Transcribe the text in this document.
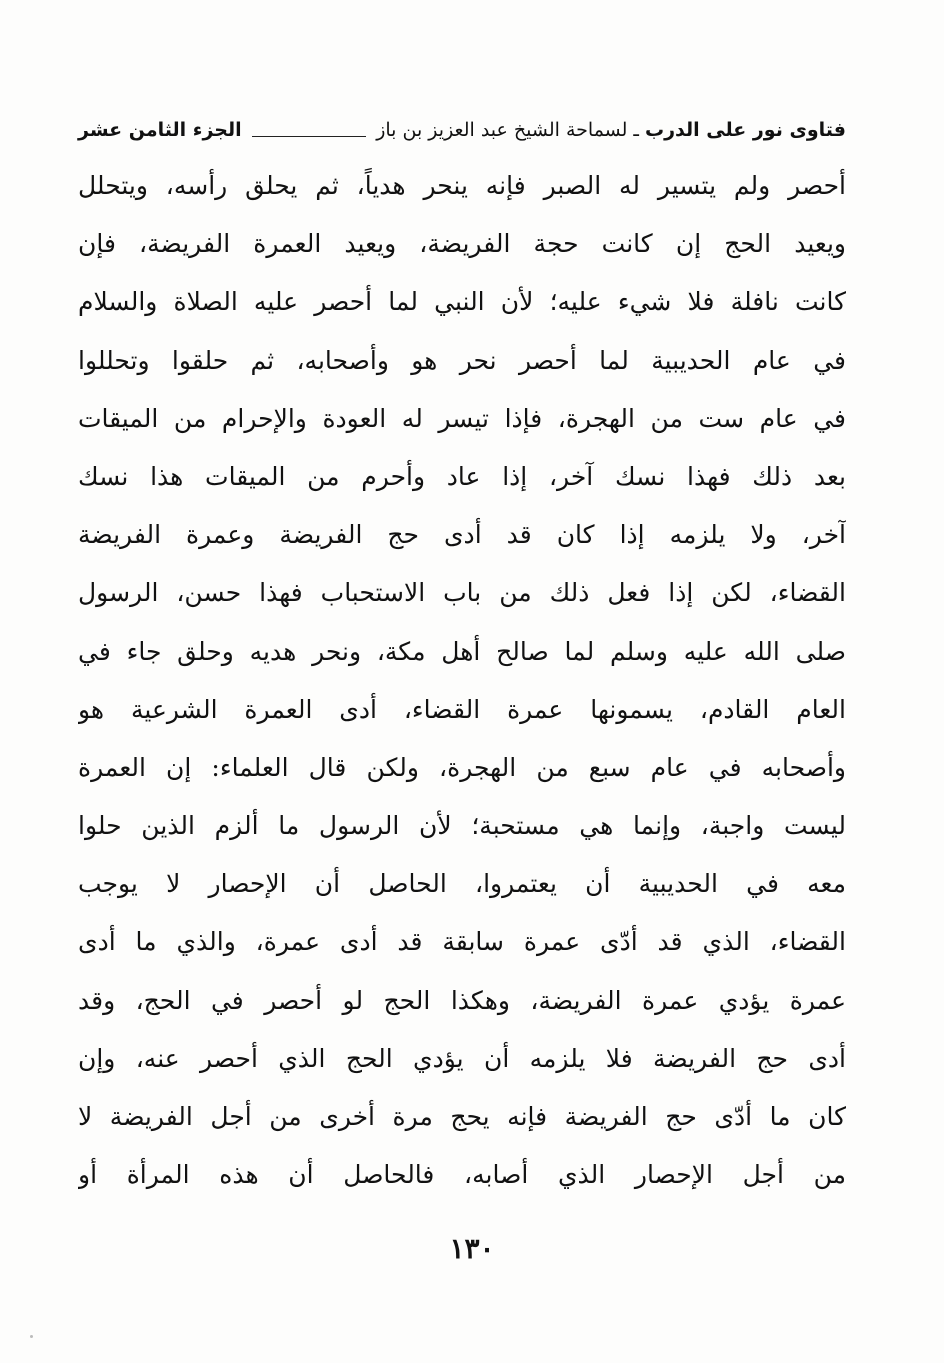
فتاوى نور على الدرب
ـ
لسماحة الشيخ عبد العزيز بن باز
الجزء الثامن عشر
أحصر ولم يتسير له الصبر فإنه ينحر هدياً، ثم يحلق رأسه، ويتحلل
ويعيد الحج إن كانت حجة الفريضة، ويعيد العمرة الفريضة، فإن
كانت نافلة فلا شيء عليه؛ لأن النبي لما أحصر عليه الصلاة والسلام
في عام الحديبية لما أحصر نحر هو وأصحابه، ثم حلقوا وتحللوا
في عام ست من الهجرة، فإذا تيسر له العودة والإحرام من الميقات
بعد ذلك فهذا نسك آخر، إذا عاد وأحرم من الميقات هذا نسك
آخر، ولا يلزمه إذا كان قد أدى حج الفريضة وعمرة الفريضة
القضاء، لكن إذا فعل ذلك من باب الاستحباب فهذا حسن، الرسول
صلى الله عليه وسلم لما صالح أهل مكة، ونحر هديه وحلق جاء في
العام القادم، يسمونها عمرة القضاء، أدى العمرة الشرعية هو
وأصحابه في عام سبع من الهجرة، ولكن قال العلماء: إن العمرة
ليست واجبة، وإنما هي مستحبة؛ لأن الرسول ما ألزم الذين حلوا
معه في الحديبية أن يعتمروا، الحاصل أن الإحصار لا يوجب
القضاء، الذي قد أدّى عمرة سابقة قد أدى عمرة، والذي ما أدى
عمرة يؤدي عمرة الفريضة، وهكذا الحج لو أحصر في الحج، وقد
أدى حج الفريضة فلا يلزمه أن يؤدي الحج الذي أحصر عنه، وإن
كان ما أدّى حج الفريضة فإنه يحج مرة أخرى من أجل الفريضة لا
من أجل الإحصار الذي أصابه، فالحاصل أن هذه المرأة أو
١٣٠
